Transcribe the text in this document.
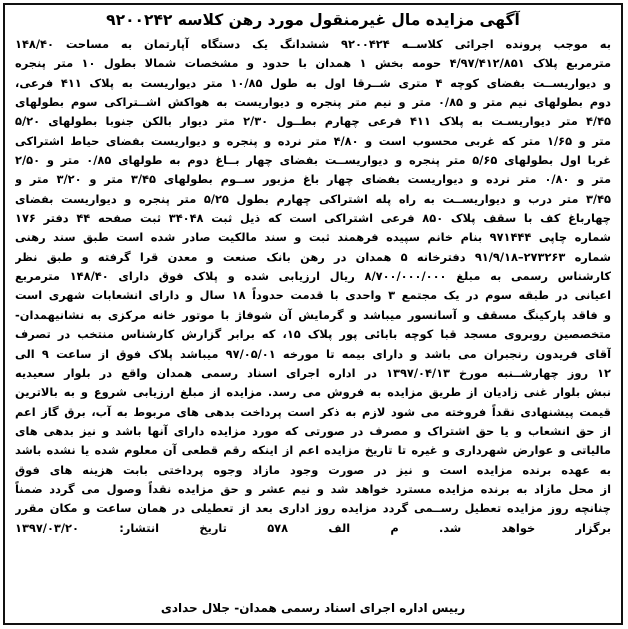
آگهی مزایده مال غیرمنقول مورد رهن کلاسه ۹۲۰۰۲۴۲

به موجب پرونده اجرائی کلاســه ۹۲۰۰۴۲۴ ششدانگ یک دستگاه آپارتمان به مساحت ۱۴۸/۴۰

مترمربع پلاک ۴/۹۷/۴۱۲/۸۵۱ حومه بخش ۱ همدان با حدود و مشخصات شمالا بطول ۱۰ متر پنجره

و دیواریســت بفضای کوچه ۴ متری شــرقا اول به طول ۱۰/۸۵ متر دیواریست به پلاک ۴۱۱ فرعی،

دوم بطولهای نیم متر و ۰/۸۵ متر و نیم متر پنجره و دیواریست به هواکش اشــتراکی سوم بطولهای

۴/۴۵ متر دیواریسـت به پلاک ۴۱۱ فرعی چهارم بطــول ۲/۳۰ متر دیوار بالکن جنوبا بطولهای ۵/۲۰

متر و ۱/۶۵ متر که غربی محسوب است و ۴/۸۰ متر نرده و پنجره و دیواریست بفضای حیاط اشتراکی

غربا اول بطولهای ۵/۶۵ متر پنجره و دیواریســت بفضای چهار بــاغ دوم به طولهای ۰/۸۵ متر و ۲/۵۰

متر و ۰/۸۰ متر نرده و دیواریست بفضای چهار باغ مزبور ســوم بطولهای ۳/۴۵ متر و ۳/۲۰ متر و

۳/۴۵ متر درب و دیواریســت به راه پله اشتراکی چهارم بطول ۵/۲۵ متر پنجره و دیواریست بفضای

چهارباغ کف با سقف پلاک ۸۵۰ فرعی اشتراکی است که ذیل ثبت ۳۴۰۴۸ ثبت صفحه ۴۴ دفتر ۱۷۶

شماره چاپی ۹۷۱۴۴۴ بنام خانم سپیده فرهمند ثبت و سند مالکیت صادر شده است طبق سند رهنی

شماره ۲۷۳۲۶۳–۹۱/۹/۱۸ دفترخانه ۵ همدان در رهن بانک صنعت و معدن قرا گرفته و طبق نظر

کارشناس رسمی به مبلغ ۸/۷۰۰/۰۰۰/۰۰۰ ریال ارزیابی شده و پلاک فوق دارای ۱۴۸/۴۰ مترمربع

اعیانی در طبقه سوم در یک مجتمع ۳ واحدی با قدمت حدوداً ۱۸ سال و دارای انشعابات شهری است

و فاقد پارکینگ مسقف و آسانسور میباشد و گرمایش آن شوفاژ با موتور خانه مرکزی به نشانیهمدان-

متخصصین روبروی مسجد قبا کوچه بابائی پور پلاک ۱۵، که برابر گزارش کارشناس منتخب در تصرف

آقای فریدون رنجبران می باشد و دارای بیمه تا مورخه ۹۷/۰۵/۰۱ میباشد پلاک فوق از ساعت ۹ الی

۱۲ روز چهارشــنبه مورخ ۱۳۹۷/۰۴/۱۳ در اداره اجرای اسناد رسمی همدان واقع در بلوار سعیدیه

نبش بلوار غنی زادیان از طریق مزایده به فروش می رسد. مزایده از مبلغ ارزیابی شروع و به بالاترین

قیمت پیشنهادی نقداً فروخته می شود لازم به ذکر است پرداخت بدهی های مربوط به آب، برق گاز اعم

از حق انشعاب و یا حق اشتراک و مصرف در صورتی که مورد مزایده دارای آنها باشد و نیز بدهی های

مالیاتی و عوارض شهرداری و غیره تا تاریخ مزایده اعم از اینکه رقم قطعی آن معلوم شده یا نشده باشد

به عهده برنده مزایده است و نیز در صورت وجود مازاد وجوه پرداختی بابت هزینه های فوق

از محل مازاد به برنده مزایده مسترد خواهد شد و نیم عشر و حق مزایده نقداً وصول می گردد ضمناً

چنانچه روز مزایده تعطیل رســمی گردد مزایده روز اداری بعد از تعطیلی در همان ساعت و مکان مقرر

برگزار خواهد شد. م الف ۵۷۸ تاریخ انتشار: ۱۳۹۷/۰۳/۲۰

رییس اداره اجرای اسناد رسمی همدان- جلال حدادی
